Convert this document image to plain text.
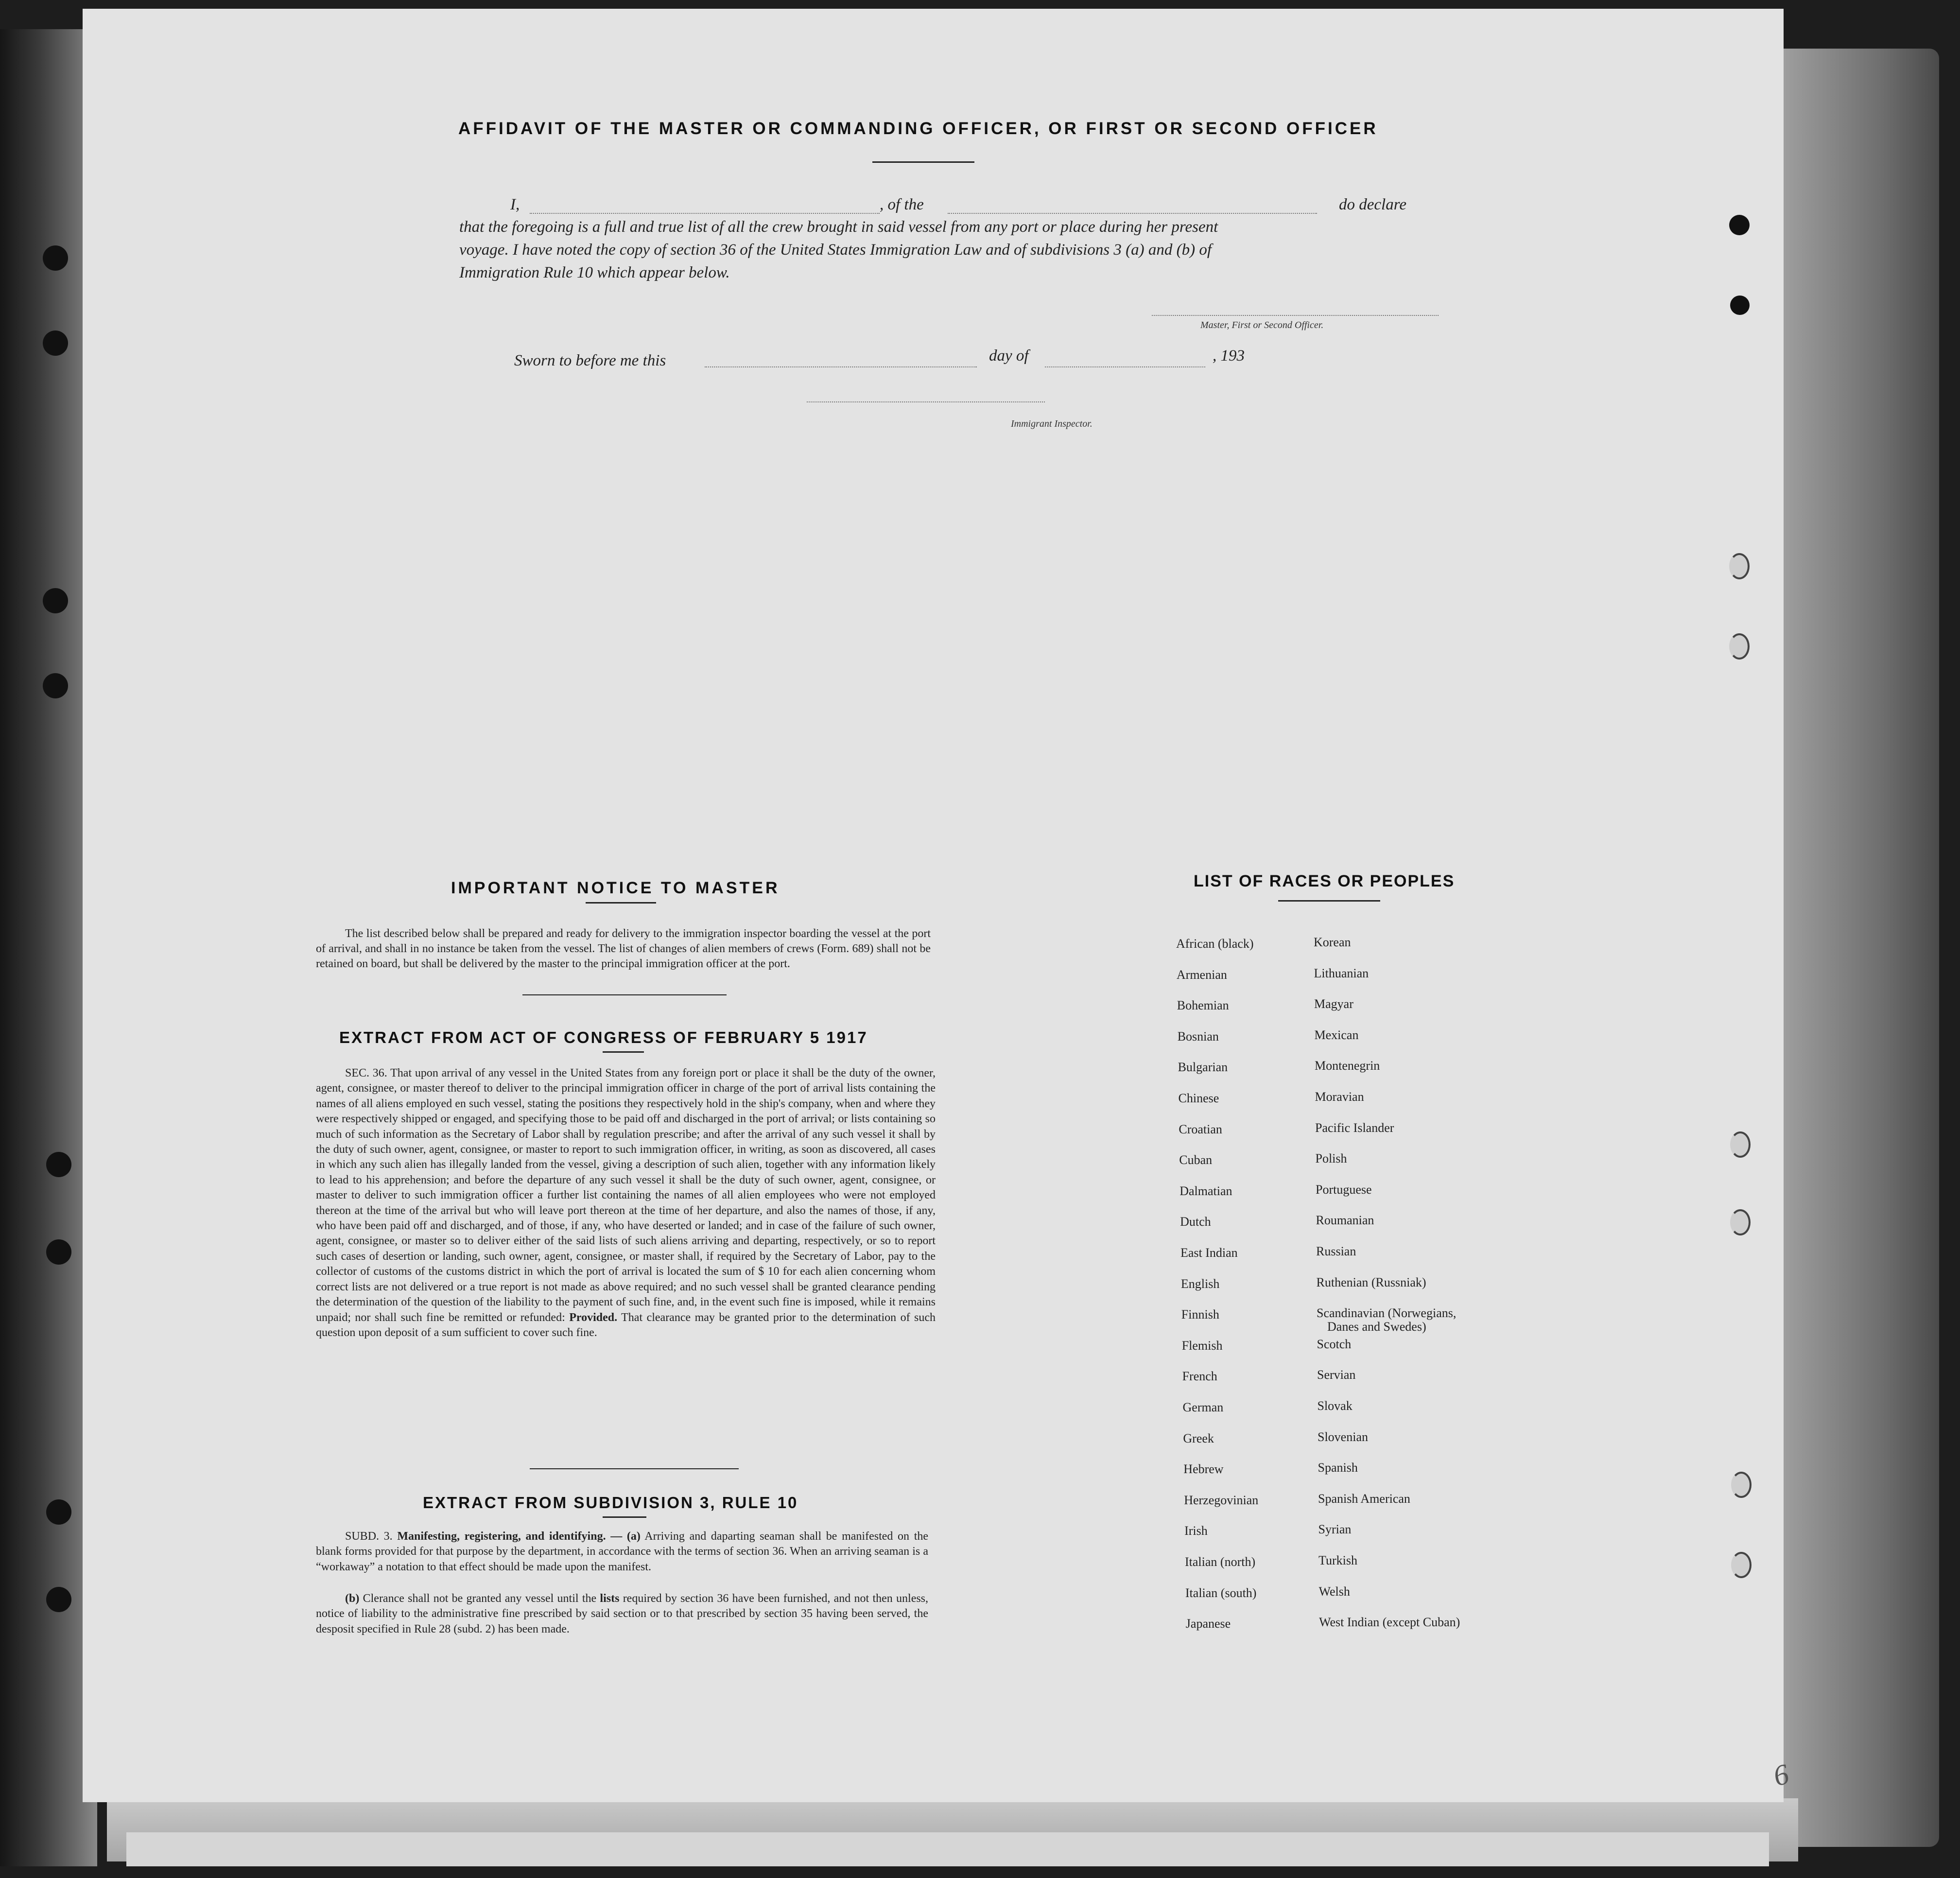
AFFIDAVIT OF THE MASTER OR COMMANDING OFFICER, OR FIRST OR SECOND OFFICER
I,	, of the	do declare
that the foregoing is a full and true list of all the crew brought in said vessel from any port or place during her present
voyage. I have noted the copy of section 36 of the United States Immigration Law and of subdivisions 3 (a) and (b) of
Immigration Rule 10 which appear below.
Master, First or Second Officer.
Sworn to before me this	day of	, 193
Immigrant Inspector.
IMPORTANT NOTICE TO MASTER
The list described below shall be prepared and ready for delivery to the immigration inspector boarding the vessel at the port of arrival, and shall in no instance be taken from the vessel. The list of changes of alien members of crews (Form. 689) shall not be retained on board, but shall be delivered by the master to the principal immigration officer at the port.
EXTRACT FROM ACT OF CONGRESS OF FEBRUARY 5 1917
SEC. 36. That upon arrival of any vessel in the United States from any foreign port or place it shall be the duty of the owner, agent, consignee, or master thereof to deliver to the principal immigration officer in charge of the port of arrival lists containing the names of all aliens employed en such vessel, stating the positions they respectively hold in the ship's company, when and where they were respectively shipped or engaged, and specifying those to be paid off and discharged in the port of arrival; or lists containing so much of such information as the Secretary of Labor shall by regulation prescribe; and after the arrival of any such vessel it shall by the duty of such owner, agent, consignee, or master to report to such immigration officer, in writing, as soon as discovered, all cases in which any such alien has illegally landed from the vessel, giving a description of such alien, together with any information likely to lead to his apprehension; and before the departure of any such vessel it shall be the duty of such owner, agent, consignee, or master to deliver to such immigration officer a further list containing the names of all alien employees who were not employed thereon at the time of the arrival but who will leave port thereon at the time of her departure, and also the names of those, if any, who have been paid off and discharged, and of those, if any, who have deserted or landed; and in case of the failure of such owner, agent, consignee, or master so to deliver either of the said lists of such aliens arriving and departing, respectively, or so to report such cases of desertion or landing, such owner, agent, consignee, or master shall, if required by the Secretary of Labor, pay to the collector of customs of the customs district in which the port of arrival is located the sum of $ 10 for each alien concerning whom correct lists are not delivered or a true report is not made as above required; and no such vessel shall be granted clearance pending the determination of the question of the liability to the payment of such fine, and, in the event such fine is imposed, while it remains unpaid; nor shall such fine be remitted or refunded: Provided. That clearance may be granted prior to the determination of such question upon deposit of a sum sufficient to cover such fine.
EXTRACT FROM SUBDIVISION 3, RULE 10
SUBD. 3. Manifesting, registering, and identifying. — (a) Arriving and daparting seaman shall be manifested on the blank forms provided for that purpose by the department, in accordance with the terms of section 36. When an arriving seaman is a “workaway” a notation to that effect should be made upon the manifest.
(b) Clerance shall not be granted any vessel until the lists required by section 36 have been furnished, and not then unless, notice of liability to the administrative fine prescribed by said section or to that prescribed by section 35 having been served, the desposit specified in Rule 28 (subd. 2) has been made.
LIST OF RACES OR PEOPLES
African (black)
Armenian
Bohemian
Bosnian
Bulgarian
Chinese
Croatian
Cuban
Dalmatian
Dutch
East Indian
English
Finnish
Flemish
French
German
Greek
Hebrew
Herzegovinian
Irish
Italian (north)
Italian (south)
Japanese
Korean
Lithuanian
Magyar
Mexican
Montenegrin
Moravian
Pacific Islander
Polish
Portuguese
Roumanian
Russian
Ruthenian (Russniak)
Scandinavian (Norwegians,
Danes and Swedes)
Scotch
Servian
Slovak
Slovenian
Spanish
Spanish American
Syrian
Turkish
Welsh
West Indian (except Cuban)
6
